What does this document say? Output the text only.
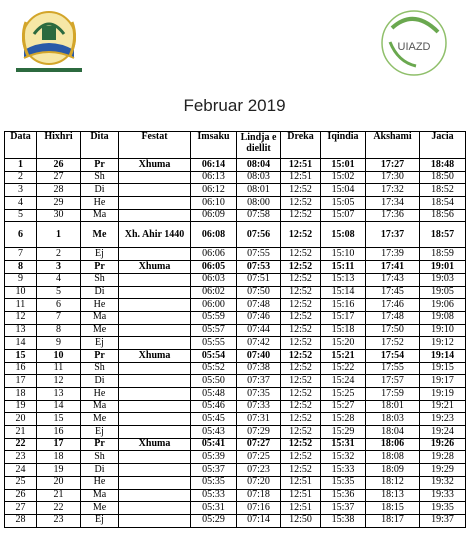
UIAZD
Februar 2019
Data	Hixhri	Dita	Festat	Imsaku	Lindja e diellit	Dreka	Iqindia	Akshami	Jacia
1	26	Pr	Xhuma	06:14	08:04	12:51	15:01	17:27	18:48
2	27	Sh		06:13	08:03	12:51	15:02	17:30	18:50
3	28	Di		06:12	08:01	12:52	15:04	17:32	18:52
4	29	He		06:10	08:00	12:52	15:05	17:34	18:54
5	30	Ma		06:09	07:58	12:52	15:07	17:36	18:56
6	1	Me	Xh. Ahir 1440	06:08	07:56	12:52	15:08	17:37	18:57
7	2	Ej		06:06	07:55	12:52	15:10	17:39	18:59
8	3	Pr	Xhuma	06:05	07:53	12:52	15:11	17:41	19:01
9	4	Sh		06:03	07:51	12:52	15:13	17:43	19:03
10	5	Di		06:02	07:50	12:52	15:14	17:45	19:05
11	6	He		06:00	07:48	12:52	15:16	17:46	19:06
12	7	Ma		05:59	07:46	12:52	15:17	17:48	19:08
13	8	Me		05:57	07:44	12:52	15:18	17:50	19:10
14	9	Ej		05:55	07:42	12:52	15:20	17:52	19:12
15	10	Pr	Xhuma	05:54	07:40	12:52	15:21	17:54	19:14
16	11	Sh		05:52	07:38	12:52	15:22	17:55	19:15
17	12	Di		05:50	07:37	12:52	15:24	17:57	19:17
18	13	He		05:48	07:35	12:52	15:25	17:59	19:19
19	14	Ma		05:46	07:33	12:52	15:27	18:01	19:21
20	15	Me		05:45	07:31	12:52	15:28	18:03	19:23
21	16	Ej		05:43	07:29	12:52	15:29	18:04	19:24
22	17	Pr	Xhuma	05:41	07:27	12:52	15:31	18:06	19:26
23	18	Sh		05:39	07:25	12:52	15:32	18:08	19:28
24	19	Di		05:37	07:23	12:52	15:33	18:09	19:29
25	20	He		05:35	07:20	12:51	15:35	18:12	19:32
26	21	Ma		05:33	07:18	12:51	15:36	18:13	19:33
27	22	Me		05:31	07:16	12:51	15:37	18:15	19:35
28	23	Ej		05:29	07:14	12:50	15:38	18:17	19:37
